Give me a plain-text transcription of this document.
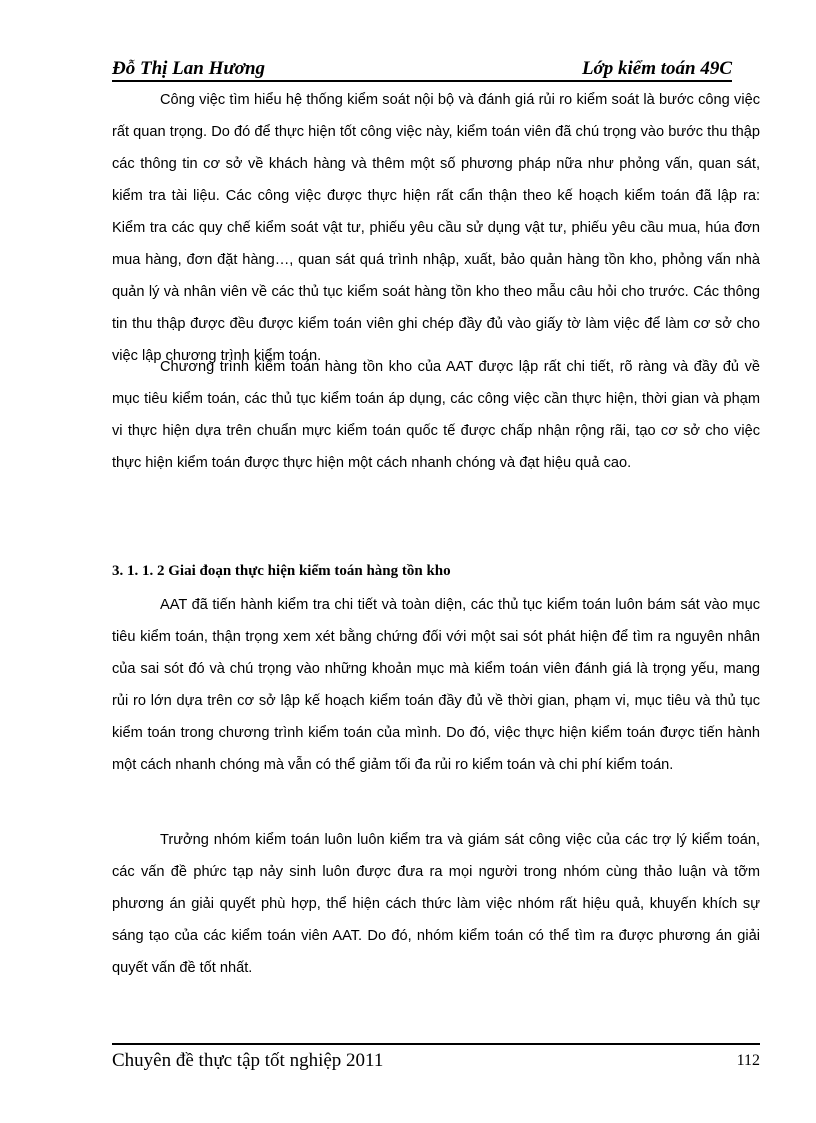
Đỗ Thị Lan Hương	Lớp kiểm toán 49C

Công việc tìm hiểu hệ thống kiểm soát nội bộ và đánh giá rủi ro kiểm soát là bước công việc rất quan trọng. Do đó để thực hiện tốt công việc này, kiểm toán viên đã chú trọng vào bước thu thập các thông tin cơ sở về khách hàng và thêm một số phương pháp nữa như phỏng vấn, quan sát, kiểm tra tài liệu. Các công việc được thực hiện rất cẩn thận theo kế hoạch kiểm toán đã lập ra: Kiểm tra các quy chế kiểm soát vật tư, phiếu yêu cầu sử dụng vật tư, phiếu yêu cầu mua, húa đơn mua hàng, đơn đặt hàng…, quan sát quá trình nhập, xuất, bảo quản hàng tồn kho, phỏng vấn nhà quản lý và nhân viên về các thủ tục kiểm soát hàng tồn kho theo mẫu câu hỏi cho trước. Các thông tin thu thập được đều được kiểm toán viên ghi chép đầy đủ vào giấy tờ làm việc để làm cơ sở cho việc lập chương trình kiểm toán.

Chương trình kiểm toán hàng tồn kho của AAT được lập rất chi tiết, rõ ràng và đầy đủ về mục tiêu kiểm toán, các thủ tục kiểm toán áp dụng, các công việc cần thực hiện, thời gian và phạm vi thực hiện dựa trên chuẩn mực kiểm toán quốc tế được chấp nhận rộng rãi, tạo cơ sở cho việc thực hiện kiểm toán được thực hiện một cách nhanh chóng và đạt hiệu quả cao.

3. 1. 1. 2 Giai đoạn thực hiện kiểm toán hàng tồn kho

AAT đã tiến hành kiểm tra chi tiết và toàn diện, các thủ tục kiểm toán luôn bám sát vào mục tiêu kiểm toán, thận trọng xem xét bằng chứng đối với một sai sót phát hiện để tìm ra nguyên nhân của sai sót đó và chú trọng vào những khoản mục mà kiểm toán viên đánh giá là trọng yếu, mang rủi ro lớn dựa trên cơ sở lập kế hoạch kiểm toán đầy đủ về thời gian, phạm vi, mục tiêu và thủ tục kiểm toán trong chương trình kiểm toán của mình. Do đó, việc thực hiện kiểm toán được tiến hành một cách nhanh chóng mà vẫn có thể giảm tối đa rủi ro kiểm toán và chi phí kiểm toán.

Trưởng nhóm kiểm toán luôn luôn kiểm tra và giám sát công việc của các trợ lý kiểm toán, các vấn đề phức tạp nảy sinh luôn được đưa ra mọi người trong nhóm cùng thảo luận và tỡm phương án giải quyết phù hợp, thể hiện cách thức làm việc nhóm rất hiệu quả, khuyến khích sự sáng tạo của các kiểm toán viên AAT. Do đó, nhóm kiểm toán có thể tìm ra được phương án giải quyết vấn đề tốt nhất.

Chuyên đề thực tập tốt nghiệp 2011	112
